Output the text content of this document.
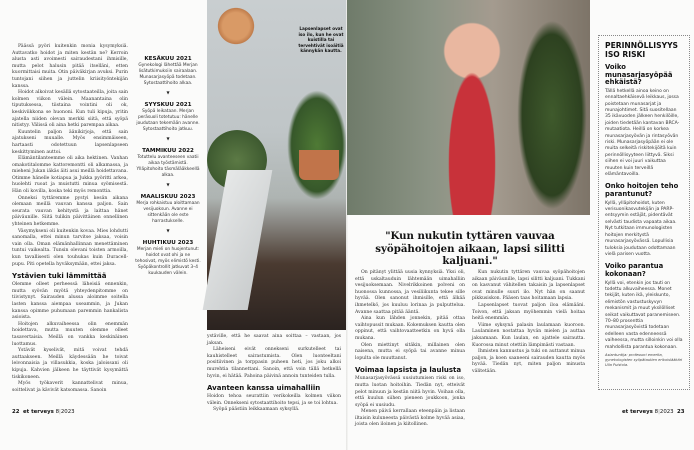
Päässä pyöri kuitenkin monia kysymyksiä. Auttavatko hoidot ja miten kestän ne? Kerroin alusta asti avoimesti sairaudestani ihmisille, mutta pelot halusin pitää itselläni, etten kuormittaisi muita. Otin päiväkirjan avuksi. Purin tuntojani siihen ja juttelin kriisityöntekijän kanssa.

Hoidot alkoivat kesällä sytostaateilla, joita sain kolmen viikon välein. Maanantaina olin tiputuksessa, tiistaina vointini oli ok, keskiviikkona se huononi. Kun tuli kipuja, yritin ajatella niiden olevan merkki siitä, että syöpä nitistyy. Välissä oli aina hetki parempaa aikaa.

Kuuntelin paljon äänikirjoja, että sain ajatukseni muualle. Myös ensimmäiseen, hartaasti odotettuun lapsenlapseen keskittyminen auttoi.

Elämäntilanteemme oli aika hektinen. Vanhan omakotitalomme kattoremontti oli alkamassa, ja mieheni Jukan iäkäs äiti asui meillä hoidettavana. Otimme hänelle kotiapua ja Jukka pyöritti arkea, huolehti ruoat ja muistutti minua syömisestä. Hän oli kovilla, koska teki myös remonttia.

Onneksi tyttäremme pystyi kesän aikana olemaan meillä vauvan kanssa paljon. Sain seurata vauvan kehitystä ja laittaa hänet päiväunille. Siitä tulikin päivittäinen onnellinen yhteinen hetkemme.

Väsymykseni oli kuitenkin kovaa. Mies lohdutti sanomalla, ettei minun tarvitse jaksaa, voisin vain olla. Oman elämänhallinnan menettäminen tuntui vaikealta. Tunsin olevani toisten armoilla, kun tavallisesti olen touhukas kuin Duracell-pupu. Piti opetella hyväksymään, ettei jaksa.

Ystävien tuki lämmittää

Olemme olleet perheessä läheisiä ennenkin, mutta syövän myötä yhteydenpitomme on tiivistynyt. Sairauden alussa aloimme soitella lasten kanssa aiempaa useammin, ja Jukan kanssa opimme puhumaan paremmin hankalista asioista.

Hoitojen alkuvaiheessa olin enemmän hoidettava, mutta muuten olemme olleet tasavertaisia. Meillä on vankka keskinäinen luottamus.

Ystävät kyselivät, mitä voivat tehdä auttaakseen. Meillä käydessään he toivat leivonnaisia ja villasukkia, koska jaloissani oli kipuja. Kahvien jälkeen he täyttivät kysymättä tiskikoneen.

Myös työkaverit kannattelivat minua, soittelivat ja kävivät katsomassa. Sanoin

KESÄKUU 2021
Gynekologi lähettää Merjan lisätutkimuksiin sairaalaan. Munasarjasyöpä todetaan. Sytostaattihoito alkaa.
▼
SYYSKUU 2021
Syöpä leikataan. Merjan peräsuoli totetutuu: hänelle joudutaan tekemään avanne. Sytostaattihoito jatkuu.
▼
TAMMIKUU 2022
Totuttelu avanteeseen vaatii aikaa työstämistä. Ylläpitohoito täsmälääkkeellä alkaa.
▼
MAALISKUU 2023
Merja rohkaistuu aloittamaan vesijuoksun. Avanne ei sittenkään ole este harrastukselle.
▼
HUHTIKUU 2023
Merjan mieli on huojentunut: hoidot ovat ohi ja ne tehosivat, myös elimistö kesti. Syöpäkontrollit jatkuvat 3–4 kuukauden välein.
Lapsenlapset ovat iso ilo, kun he ovat kuistilla tai tervehtivät isoäitiä kännykän kautta.

ystäville, että he saavat aina soittaa – vastaan, jos jaksan.

Läheiseni eivät onnekseni surkutelleet tai kauhistelleet sairastumista. Olen luonteeltani positiivinen ja torppasin puheen heti, jos joku alkoi murehtia tilannettani. Sanoin, että voin tällä hetkellä hyvin, ei hätää. Pahoina päivinä annoin tunteiden tulla.

Avanteen kanssa uimahalliin

Hoidon tehoa seurattiin verikokeilla kolmen viikon välein. Onnekseni sytostaattihoito tepsi, ja se toi lohtua.

Syöpä päästiin leikkaamaan syksyllä.

22 et terveys 8|2023
"Kun nukutin tyttären vauvaa syöpähoitojen aikaan, lapsi silitti kaljuani."

On pitänyt ylittää uusia kynnyksiä. Yksi oli, että uskaltauduin lähtemään uimahalliin vesijuoksemaan. Nivelrikkoinen polveni on huonossa kunnossa, ja vesiliikunta tekee sille hyvää. Olen sanonut ihmisille, että älkää ihmetelkö, jos kuuluu lorinaa ja pulputtelua. Avanne saattaa pitää ääntä.

Aina kun lähden jonnekin, pitää ottaa vaihtopussit mukaan. Kokemuksen kautta olen oppinut, että vaihtovaatteetkin on hyvä olla mukana.

Olen miettinyt sitäkin, millainen olen naisena, mutta ei syöpä tai avanne minua lopulta ole muuttanut.

Voimaa lapsista ja laulusta

Munasarjasyövässä uusiutumisen riski on iso, mutta luotan hoitoihin. Tiedän nyt, etteivät pelot minuun ja kestän niitä hyvin. Voihan olla, että kuulun siihen pieneen joukkoon, jonka syöpä ei uusiudu.

Menen päivä kerrallaan eteenpäin ja listaan iltaisin kuluneesta päivästä kolme hyvää asiaa, joista olen iloinen ja kiitollinen.

Kun nukutin tyttären vauvaa syöpähoitojen aikaan päiväunille, lapsi silitti kaljuani. Tukkani on kasvanut vähitellen takaisin ja lapsenlapset ovat minulle suuri ilo. Nyt hän on saanut pikkusiskon. Pääsen taas hoitamaan lapsia.

Lapsenlapset tuovat paljon iloa elämääni. Toivon, että jaksan myöhemmin vielä hoitaa heitä enemmän.

Viime syksynä palasin laulamaan kuoroon. Laulaminen nostattaa hyvän mielen ja auttaa jaksamaan. Kun laulan, en ajattele sairautta. Kuorossa minut otettiin lämpimästi vastaan.

Ihmisten kannustus ja tuki on auttanut minua paljon, ja koen saaneeni sairauden kautta myös hyvää. Tiedän nyt, miten paljon minusta välitetään.

PERINNÖLLISYYS ISO RISKI
Voiko munasarjasyöpää ehkäistä?
Tällä hetkellä ainoa keino on ennaltaehkäisevä leikkaus, jossa poistetaan munasarjat ja munajohtimet. Sitä suositellaan 35 ikävuoden jälkeen henkilöille, joiden tiedetään kantavan BRCA-mutaatiota. Heillä on korkea munasarjasyövän ja rintasyövän riski. Munasarjasyöpään ei ole muita selkeitä riskitekijöitä kuin perinnöllisyyteen liittyvä. Siksi siihen ei voi juuri vaikuttaa muuten kuin terveillä elämäntavoilla.
Onko hoitojen teho parantunut?
Kyllä, ylläpitohoidot, kuten verisuonikasvutekijän ja PARP-entsyymin estäjät, pidentävät selvästi taudista vapaata aikaa. Nyt tutkitaan immunologisten hoitojen merkitystä munasarjasyövässä. Lopullisia tuloksia joudutaan odottamaan vielä parisen vuotta.
Voiko parantua kokonaan?
Kyllä voi, etenkin jos tauti on todettu alkuvaiheessa. Monet tekijät, kuten ikä, yleiskunto, elimistön vastustuskyvyn mekanismit ja muut yksilölliset seikat vaikuttavat paranemiseen. 70–80 prosenttia munasarjasyövistä todetaan edelleen vasta edenneessä vaiheessa, mutta silloinkin voi olla mahdollista parantua kokonaan.
Asiantuntija: professori emerita, gynekologisten syöpätautien erikoislääkäri Ulla Puistola.
et terveys 8|2023 23
